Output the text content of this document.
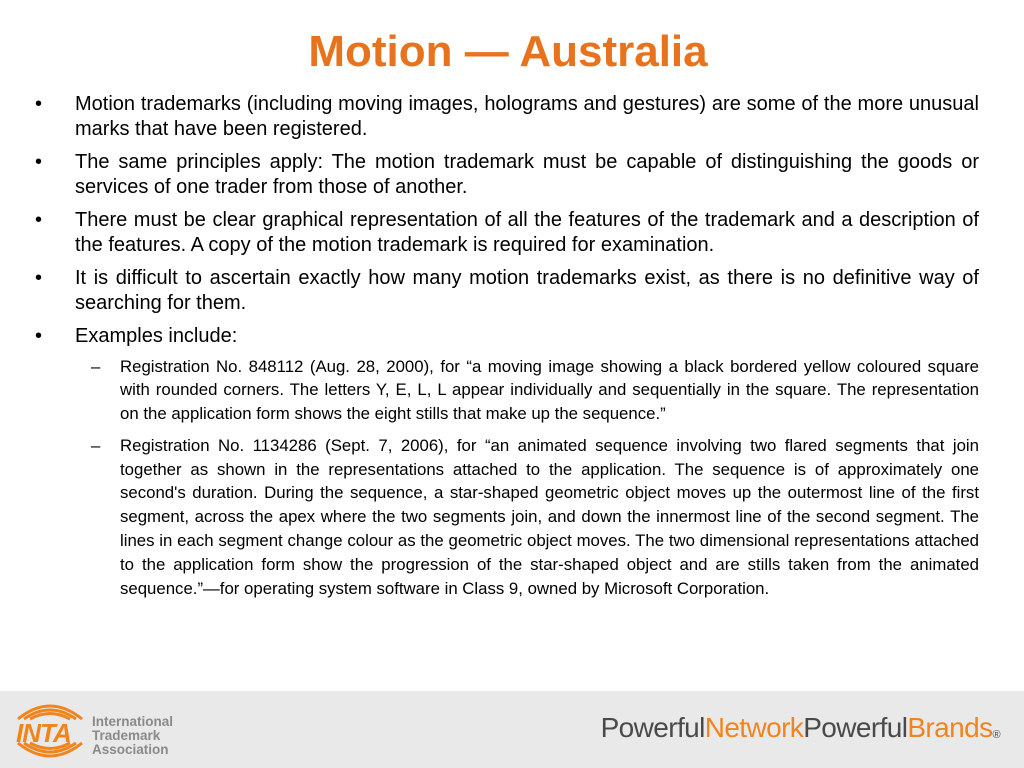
Motion — Australia
•	Motion trademarks (including moving images, holograms and gestures) are some of the more unusual marks that have been registered.
•	The same principles apply: The motion trademark must be capable of distinguishing the goods or services of one trader from those of another.
•	There must be clear graphical representation of all the features of the trademark and a description of the features. A copy of the motion trademark is required for examination.
•	It is difficult to ascertain exactly how many motion trademarks exist, as there is no definitive way of searching for them.
•	Examples include:
– Registration No. 848112 (Aug. 28, 2000), for “a moving image showing a black bordered yellow coloured square with rounded corners. The letters Y, E, L, L appear individually and sequentially in the square. The representation on the application form shows the eight stills that make up the sequence.”
– Registration No. 1134286 (Sept. 7, 2006), for “an animated sequence involving two flared segments that join together as shown in the representations attached to the application. The sequence is of approximately one second's duration. During the sequence, a star-shaped geometric object moves up the outermost line of the first segment, across the apex where the two segments join, and down the innermost line of the second segment. The lines in each segment change colour as the geometric object moves. The two dimensional representations attached to the application form show the progression of the star-shaped object and are stills taken from the animated sequence.”—for operating system software in Class 9, owned by Microsoft Corporation.
INTA International
Trademark
Association
PowerfulNetworkPowerfulBrands®
